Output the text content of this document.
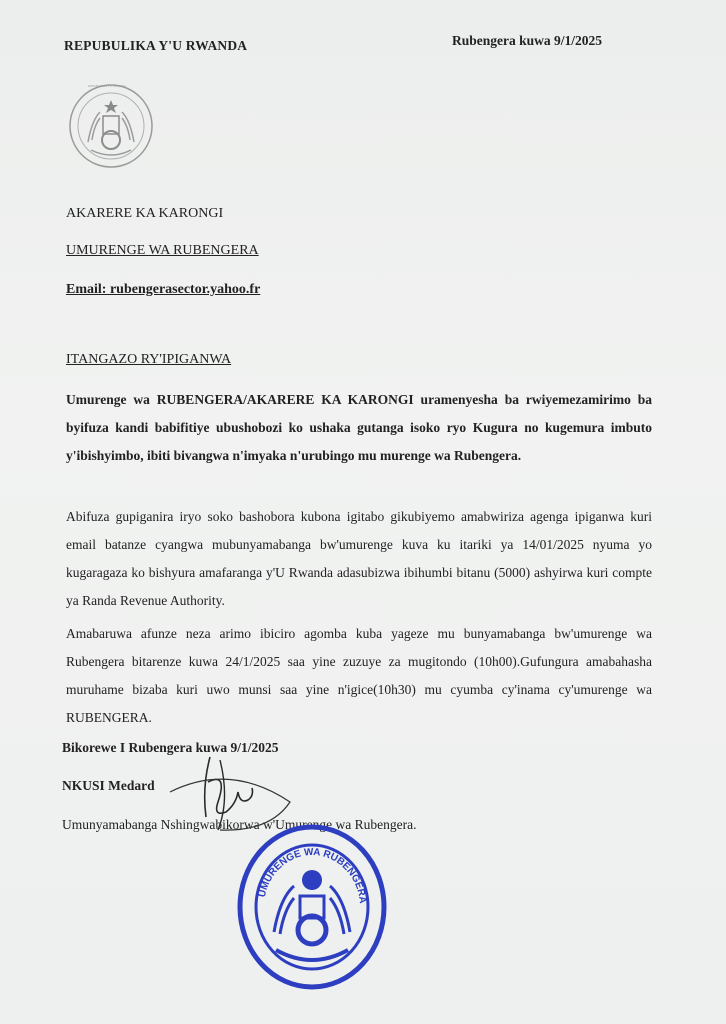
REPUBULIKA Y'U RWANDA	Rubengera kuwa 9/1/2025
REPUBULIKA Y'U RWANDA
AKARERE KA KARONGI
UMURENGE WA RUBENGERA
Email: rubengerasector.yahoo.fr
ITANGAZO RY'IPIGANWA
Umurenge wa RUBENGERA/AKARERE KA KARONGI uramenyesha ba rwiyemezamirimo ba byifuza kandi babifitiye ubushobozi ko ushaka gutanga isoko ryo Kugura no kugemura imbuto y'ibishyimbo, ibiti bivangwa n'imyaka n'urubingo mu murenge wa Rubengera.
Abifuza gupiganira iryo soko bashobora kubona igitabo gikubiyemo amabwiriza agenga ipiganwa kuri email batanze cyangwa mubunyamabanga bw'umurenge kuva ku itariki ya 14/01/2025 nyuma yo kugaragaza ko bishyura amafaranga y'U Rwanda adasubizwa ibihumbi bitanu (5000) ashyirwa kuri compte ya Randa Revenue Authority.
Amabaruwa afunze neza arimo ibiciro agomba kuba yageze mu bunyamabanga bw'umurenge wa Rubengera bitarenze kuwa 24/1/2025 saa yine zuzuye za mugitondo (10h00).Gufungura amabahasha muruhame bizaba kuri uwo munsi saa yine n'igice(10h30) mu cyumba cy'inama cy'umurenge wa RUBENGERA.
Bikorewe I Rubengera kuwa 9/1/2025
NKUSI Medard
Umunyamabanga Nshingwabikorwa w'Umurenge wa Rubengera.
UMURENGE WA RUBENGERA
